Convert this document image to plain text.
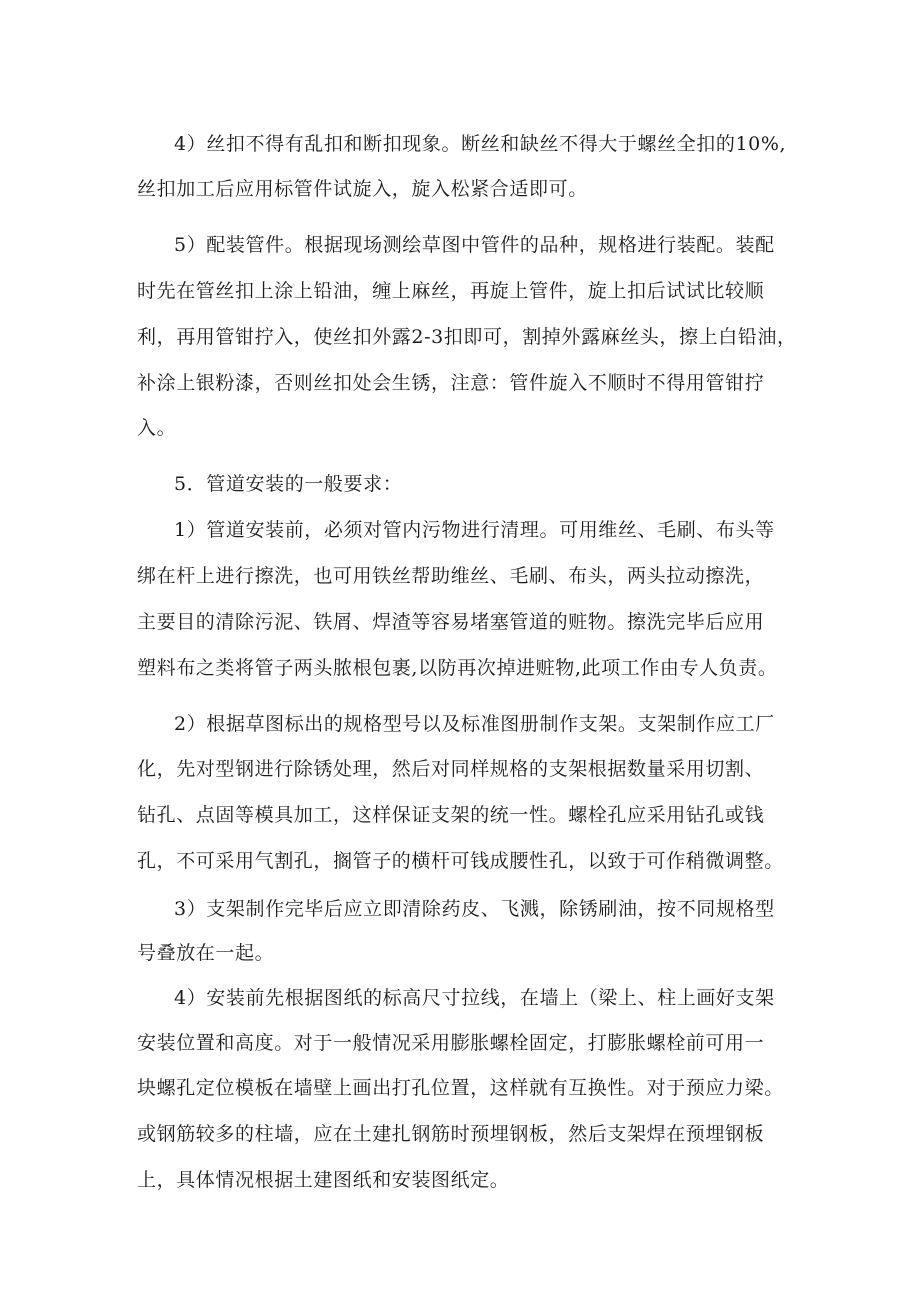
4）丝扣不得有乱扣和断扣现象。断丝和缺丝不得大于螺丝全扣的10%,
丝扣加工后应用标管件试旋入，旋入松紧合适即可。
5）配装管件。根据现场测绘草图中管件的品种，规格进行装配。装配
时先在管丝扣上涂上铅油，缠上麻丝，再旋上管件，旋上扣后试试比较顺
利，再用管钳拧入，使丝扣外露2-3扣即可，割掉外露麻丝头，擦上白铅油，
补涂上银粉漆，否则丝扣处会生锈，注意：管件旋入不顺时不得用管钳拧
入。
5．管道安装的一般要求：
1）管道安装前，必须对管内污物进行清理。可用维丝、毛刷、布头等
绑在杆上进行擦洗，也可用铁丝帮助维丝、毛刷、布头，两头拉动擦洗，
主要目的清除污泥、铁屑、焊渣等容易堵塞管道的赃物。擦洗完毕后应用
塑料布之类将管子两头脓根包裹,以防再次掉进赃物,此项工作由专人负责。
2）根据草图标出的规格型号以及标准图册制作支架。支架制作应工厂
化，先对型钢进行除锈处理，然后对同样规格的支架根据数量采用切割、
钻孔、点固等模具加工，这样保证支架的统一性。螺栓孔应采用钻孔或钱
孔，不可采用气割孔，搁管子的横杆可钱成腰性孔，以致于可作稍微调整。
3）支架制作完毕后应立即清除药皮、飞溅，除锈刷油，按不同规格型
号叠放在一起。
4）安装前先根据图纸的标高尺寸拉线，在墙上（梁上、柱上画好支架
安装位置和高度。对于一般情况采用膨胀螺栓固定，打膨胀螺栓前可用一
块螺孔定位模板在墙壁上画出打孔位置，这样就有互换性。对于预应力梁。
或钢筋较多的柱墙，应在土建扎钢筋时预埋钢板，然后支架焊在预埋钢板
上，具体情况根据土建图纸和安装图纸定。
